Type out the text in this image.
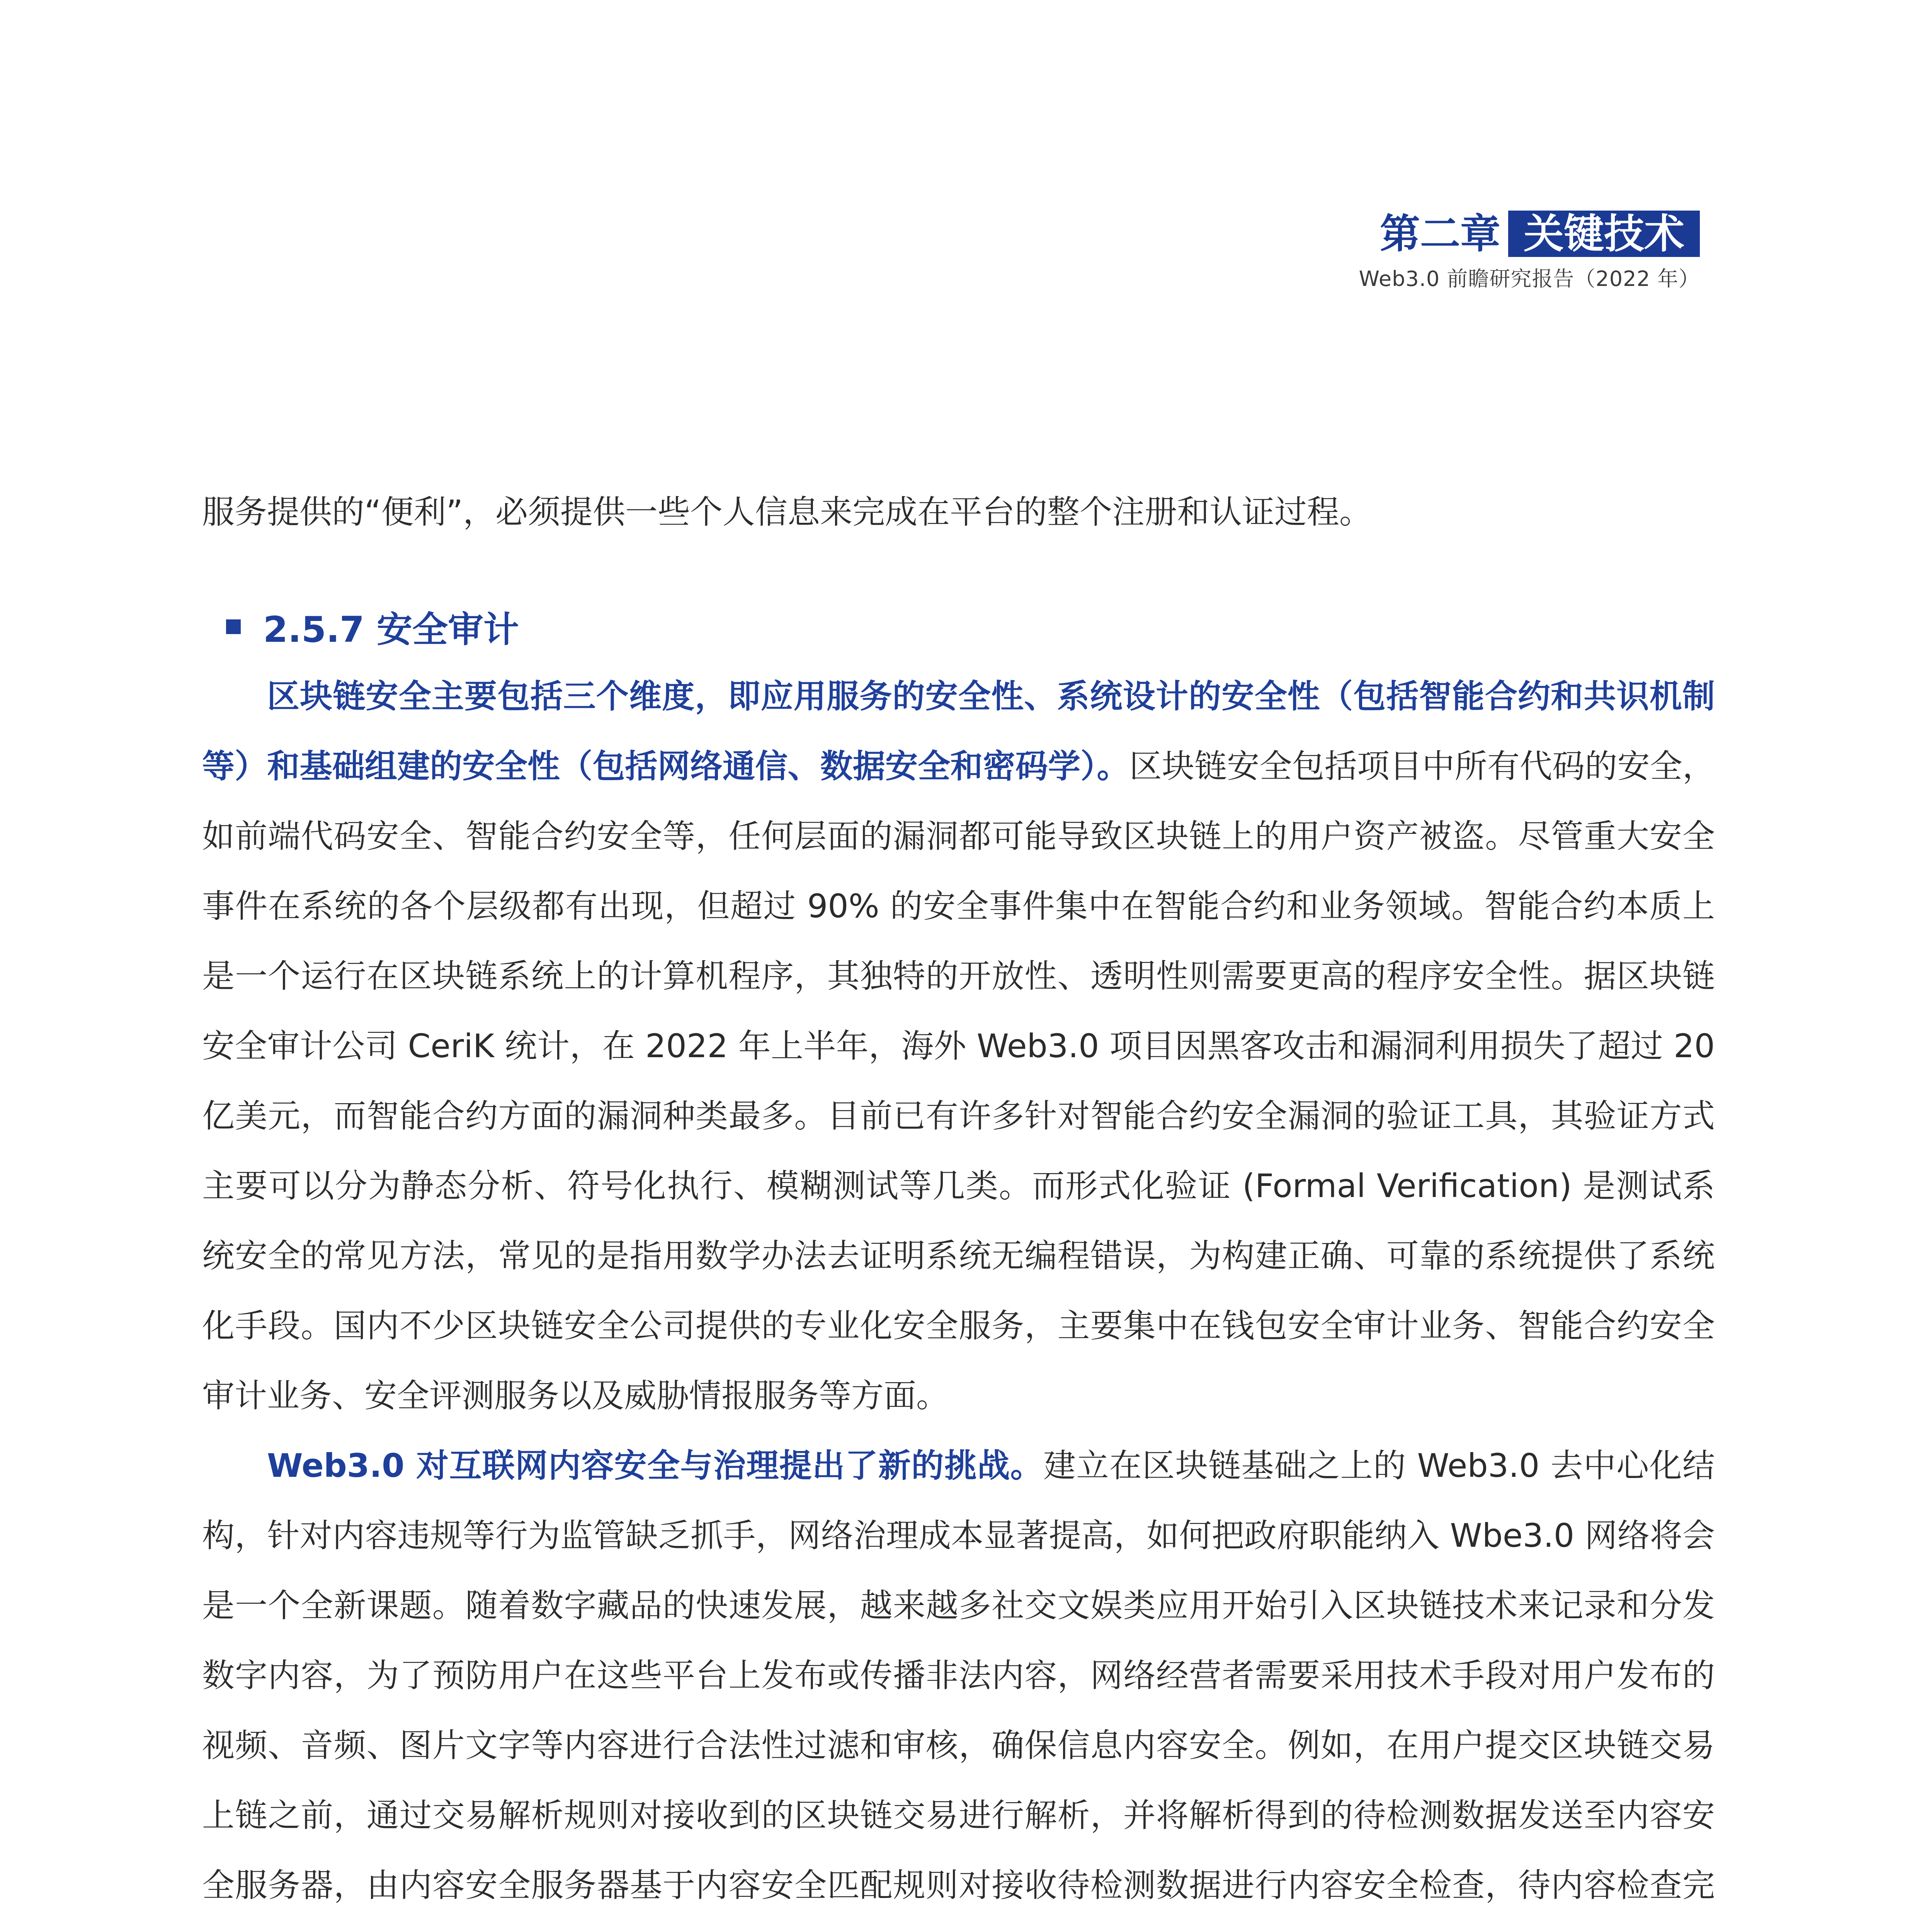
第二章 关键技术
Web3.0 前瞻研究报告（2022 年）

服务提供的“便利”，必须提供一些个人信息来完成在平台的整个注册和认证过程。

2.5.7 安全审计

区块链安全主要包括三个维度，即应用服务的安全性、系统设计的安全性（包括智能合约和共识机制等）和基础组建的安全性（包括网络通信、数据安全和密码学）。区块链安全包括项目中所有代码的安全，如前端代码安全、智能合约安全等，任何层面的漏洞都可能导致区块链上的用户资产被盗。尽管重大安全事件在系统的各个层级都有出现，但超过 90% 的安全事件集中在智能合约和业务领域。智能合约本质上是一个运行在区块链系统上的计算机程序，其独特的开放性、透明性则需要更高的程序安全性。据区块链安全审计公司 CeriK 统计，在 2022 年上半年，海外 Web3.0 项目因黑客攻击和漏洞利用损失了超过 20 亿美元，而智能合约方面的漏洞种类最多。目前已有许多针对智能合约安全漏洞的验证工具，其验证方式主要可以分为静态分析、符号化执行、模糊测试等几类。而形式化验证 (Formal Verification) 是测试系统安全的常见方法，常见的是指用数学办法去证明系统无编程错误，为构建正确、可靠的系统提供了系统化手段。国内不少区块链安全公司提供的专业化安全服务，主要集中在钱包安全审计业务、智能合约安全审计业务、安全评测服务以及威胁情报服务等方面。

Web3.0 对互联网内容安全与治理提出了新的挑战。建立在区块链基础之上的 Web3.0 去中心化结构，针对内容违规等行为监管缺乏抓手，网络治理成本显著提高，如何把政府职能纳入 Wbe3.0 网络将会是一个全新课题。随着数字藏品的快速发展，越来越多社交文娱类应用开始引入区块链技术来记录和分发数字内容，为了预防用户在这些平台上发布或传播非法内容，网络经营者需要采用技术手段对用户发布的视频、音频、图片文字等内容进行合法性过滤和审核，确保信息内容安全。例如，在用户提交区块链交易上链之前，通过交易解析规则对接收到的区块链交易进行解析，并将解析得到的待检测数据发送至内容安全服务器，由内容安全服务器基于内容安全匹配规则对接收待检测数据进行内容安全检查，待内容检查完
